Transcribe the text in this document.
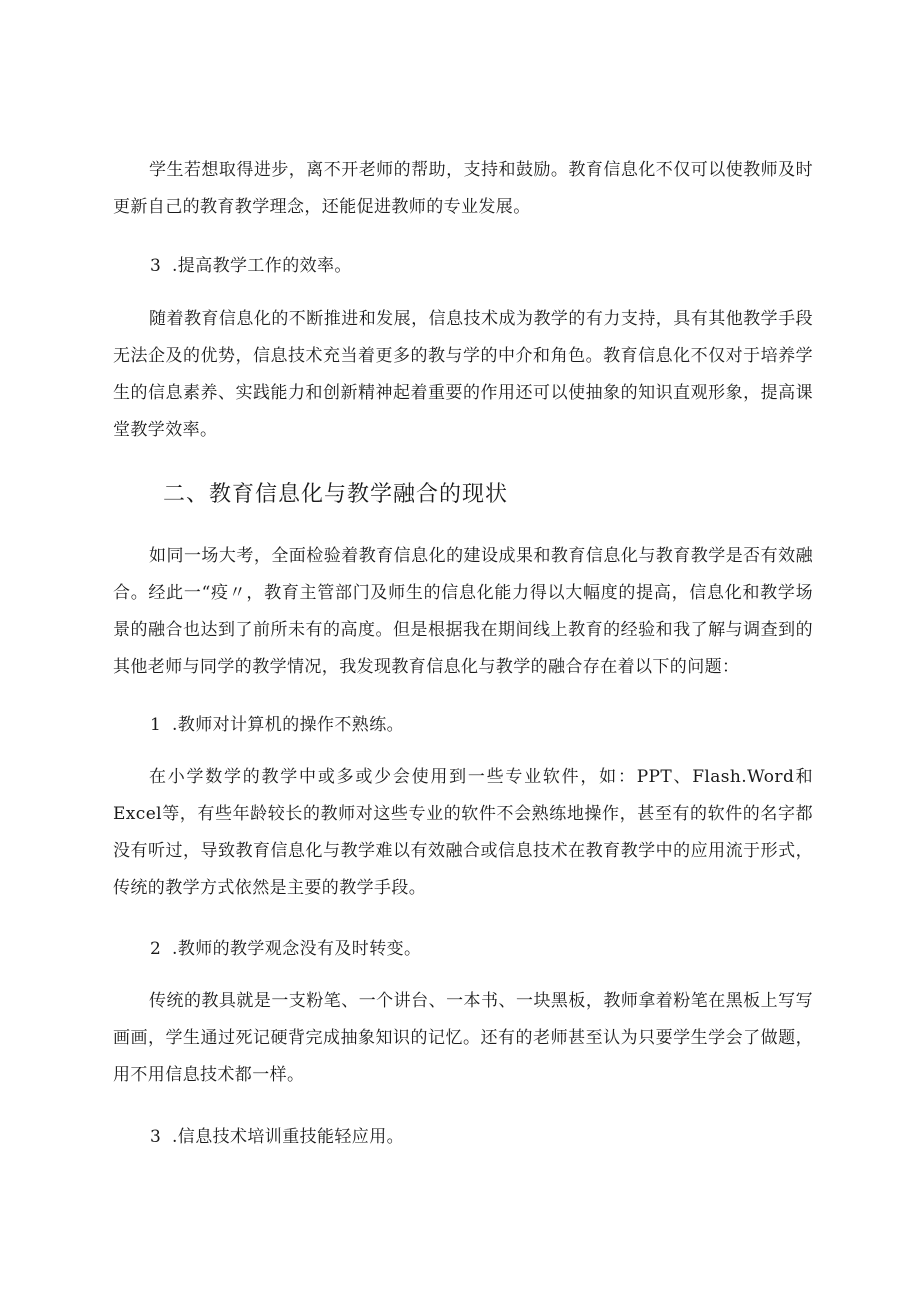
学生若想取得进步，离不开老师的帮助，支持和鼓励。教育信息化不仅可以使教师及时更新自己的教育教学理念，还能促进教师的专业发展。

3 .提高教学工作的效率。

随着教育信息化的不断推进和发展，信息技术成为教学的有力支持，具有其他教学手段无法企及的优势，信息技术充当着更多的教与学的中介和角色。教育信息化不仅对于培养学生的信息素养、实践能力和创新精神起着重要的作用还可以使抽象的知识直观形象，提高课堂教学效率。

二、教育信息化与教学融合的现状

如同一场大考，全面检验着教育信息化的建设成果和教育信息化与教育教学是否有效融合。经此一“疫〃，教育主管部门及师生的信息化能力得以大幅度的提高，信息化和教学场景的融合也达到了前所未有的高度。但是根据我在期间线上教育的经验和我了解与调查到的其他老师与同学的教学情况，我发现教育信息化与教学的融合存在着以下的问题：

1 .教师对计算机的操作不熟练。

在小学数学的教学中或多或少会使用到一些专业软件，如：PPT、Flash.Word和Excel等，有些年龄较长的教师对这些专业的软件不会熟练地操作，甚至有的软件的名字都没有听过，导致教育信息化与教学难以有效融合或信息技术在教育教学中的应用流于形式，传统的教学方式依然是主要的教学手段。

2 .教师的教学观念没有及时转变。

传统的教具就是一支粉笔、一个讲台、一本书、一块黑板，教师拿着粉笔在黑板上写写画画，学生通过死记硬背完成抽象知识的记忆。还有的老师甚至认为只要学生学会了做题，用不用信息技术都一样。

3 .信息技术培训重技能轻应用。
